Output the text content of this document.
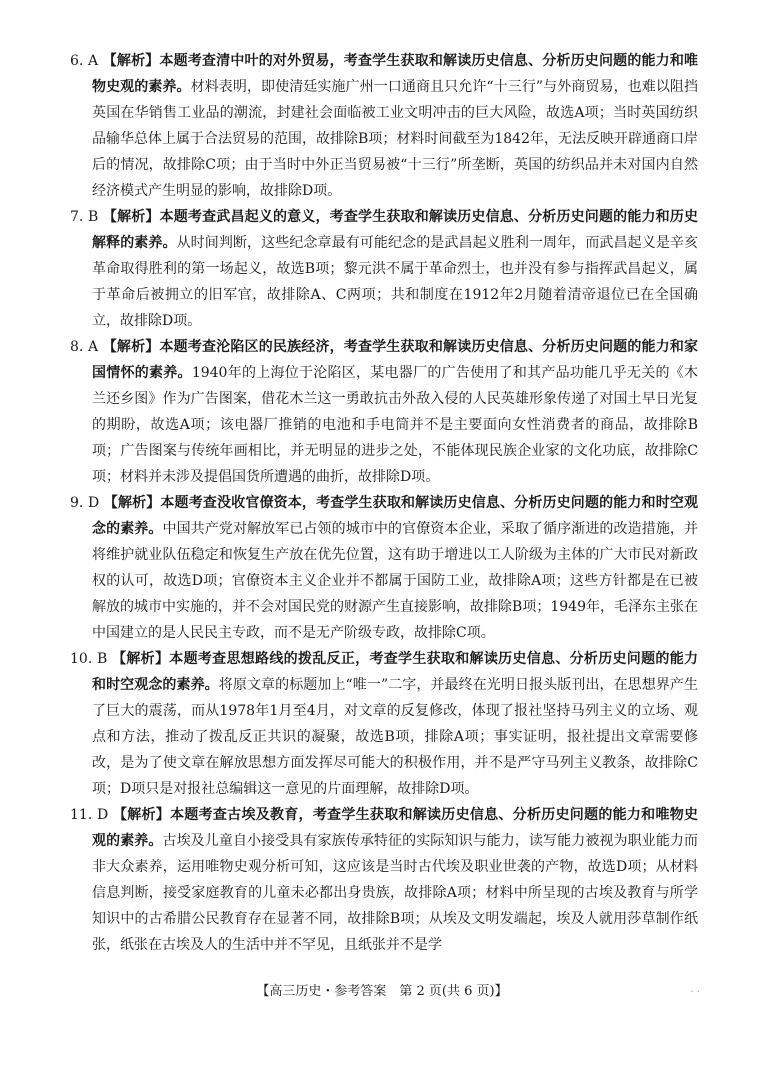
6. A 【解析】本题考查清中叶的对外贸易，考查学生获取和解读历史信息、分析历史问题的能力和唯物史观的素养。材料表明，即使清廷实施广州一口通商且只允许“十三行”与外商贸易，也难以阻挡英国在华销售工业品的潮流，封建社会面临被工业文明冲击的巨大风险，故选A项；当时英国纺织品输华总体上属于合法贸易的范围，故排除B项；材料时间截至为1842年，无法反映开辟通商口岸后的情况，故排除C项；由于当时中外正当贸易被“十三行”所垄断，英国的纺织品并未对国内自然经济模式产生明显的影响，故排除D项。
7. B 【解析】本题考查武昌起义的意义，考查学生获取和解读历史信息、分析历史问题的能力和历史解释的素养。从时间判断，这些纪念章最有可能纪念的是武昌起义胜利一周年，而武昌起义是辛亥革命取得胜利的第一场起义，故选B项；黎元洪不属于革命烈士，也并没有参与指挥武昌起义，属于革命后被拥立的旧军官，故排除A、C两项；共和制度在1912年2月随着清帝退位已在全国确立，故排除D项。
8. A 【解析】本题考查沦陷区的民族经济，考查学生获取和解读历史信息、分析历史问题的能力和家国情怀的素养。1940年的上海位于沦陷区，某电器厂的广告使用了和其产品功能几乎无关的《木兰还乡图》作为广告图案，借花木兰这一勇敢抗击外敌入侵的人民英雄形象传递了对国土早日光复的期盼，故选A项；该电器厂推销的电池和手电筒并不是主要面向女性消费者的商品，故排除B项；广告图案与传统年画相比，并无明显的进步之处，不能体现民族企业家的文化功底，故排除C项；材料并未涉及提倡国货所遭遇的曲折，故排除D项。
9. D 【解析】本题考查没收官僚资本，考查学生获取和解读历史信息、分析历史问题的能力和时空观念的素养。中国共产党对解放军已占领的城市中的官僚资本企业，采取了循序渐进的改造措施，并将维护就业队伍稳定和恢复生产放在优先位置，这有助于增进以工人阶级为主体的广大市民对新政权的认可，故选D项；官僚资本主义企业并不都属于国防工业，故排除A项；这些方针都是在已被解放的城市中实施的，并不会对国民党的财源产生直接影响，故排除B项；1949年，毛泽东主张在中国建立的是人民民主专政，而不是无产阶级专政，故排除C项。
10. B 【解析】本题考查思想路线的拨乱反正，考查学生获取和解读历史信息、分析历史问题的能力和时空观念的素养。将原文章的标题加上“唯一”二字，并最终在光明日报头版刊出，在思想界产生了巨大的震荡，而从1978年1月至4月，对文章的反复修改，体现了报社坚持马列主义的立场、观点和方法，推动了拨乱反正共识的凝聚，故选B项，排除A项；事实证明，报社提出文章需要修改，是为了使文章在解放思想方面发挥尽可能大的积极作用，并不是严守马列主义教条，故排除C项；D项只是对报社总编辑这一意见的片面理解，故排除D项。
11. D 【解析】本题考查古埃及教育，考查学生获取和解读历史信息、分析历史问题的能力和唯物史观的素养。古埃及儿童自小接受具有家族传承特征的实际知识与能力，读写能力被视为职业能力而非大众素养，运用唯物史观分析可知，这应该是当时古代埃及职业世袭的产物，故选D项；从材料信息判断，接受家庭教育的儿童未必都出身贵族，故排除A项；材料中所呈现的古埃及教育与所学知识中的古希腊公民教育存在显著不同，故排除B项；从埃及文明发端起，埃及人就用莎草制作纸张，纸张在古埃及人的生活中并不罕见，且纸张并不是学
【高三历史・参考答案　第 2 页(共 6 页)】	. .
